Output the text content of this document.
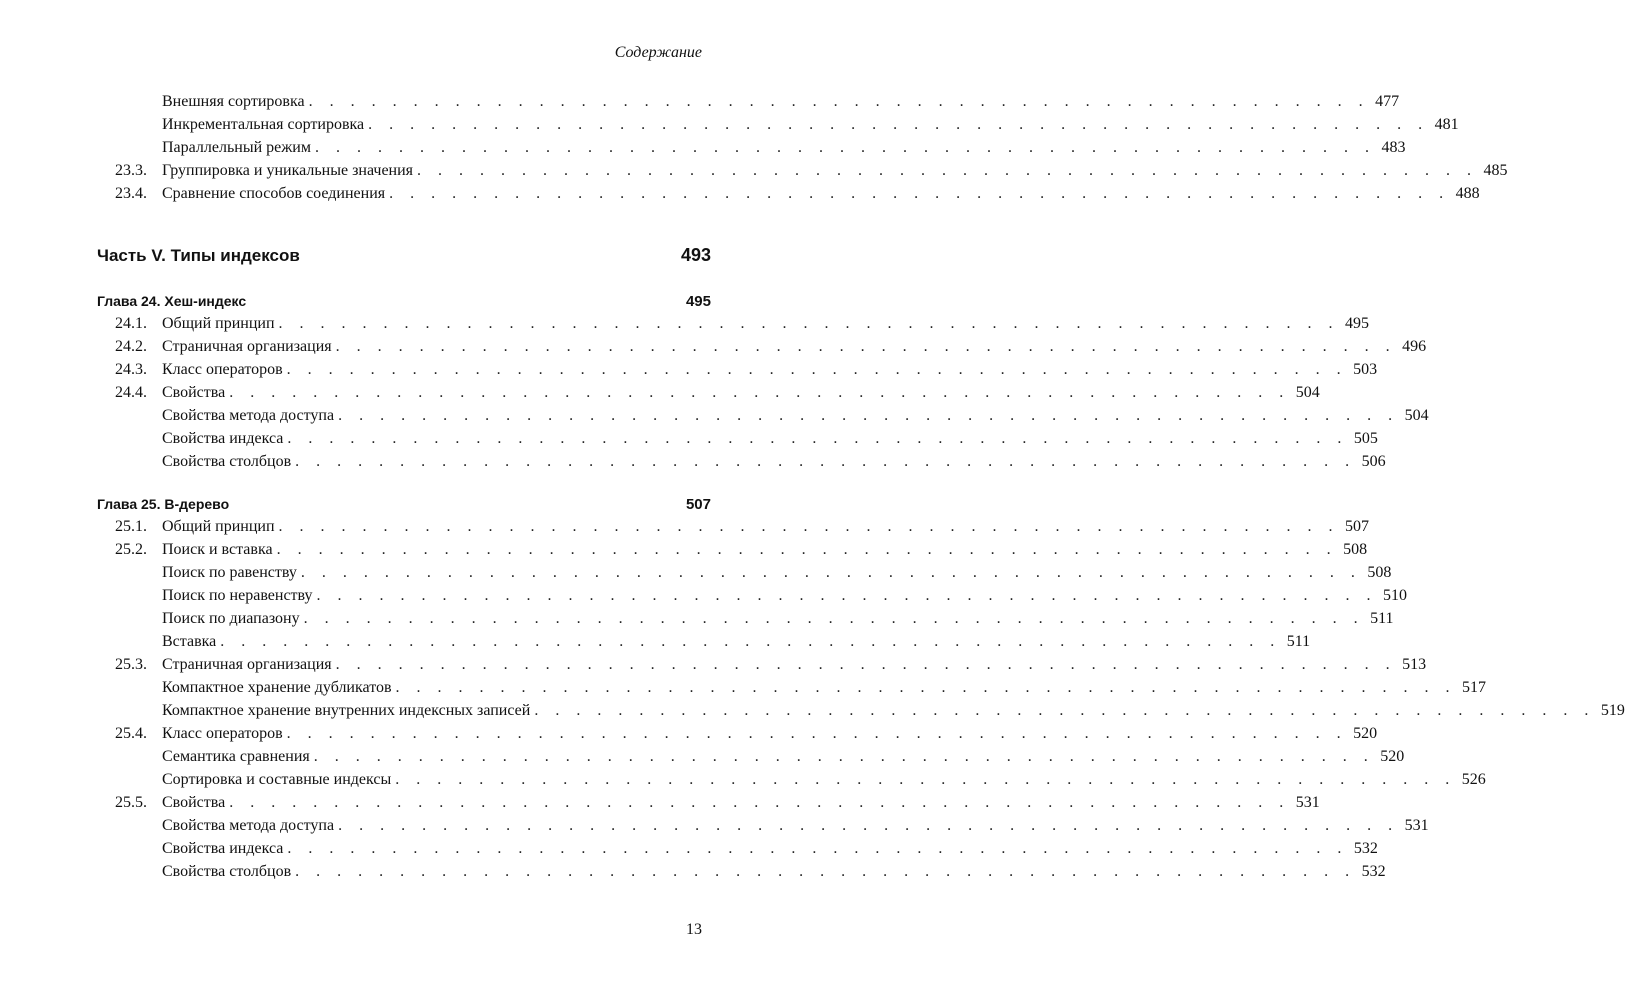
Содержание
Внешняя сортировка . . . . . . . . . . . . . . . . . . . . . . . . . . . . . . . . . . . . . . . . . . . . . . . . . . . 477
Инкрементальная сортировка . . . . . . . . . . . . . . . . . . . . . . . . . . . . . . . . . . . . . . . . . . . . . . . . . . . 481
Параллельный режим . . . . . . . . . . . . . . . . . . . . . . . . . . . . . . . . . . . . . . . . . . . . . . . . . . . 483
23.3. Группировка и уникальные значения . . . . . . . . . . . . . . . . . . . . . . . . . . . . . . . . . . . . . . . . . . . . . . . . . . . 485
23.4. Сравнение способов соединения . . . . . . . . . . . . . . . . . . . . . . . . . . . . . . . . . . . . . . . . . . . . . . . . . . . 488
Часть V. Типы индексов	493
Глава 24. Хеш-индекс	495
24.1. Общий принцип . . . . . . . . . . . . . . . . . . . . . . . . . . . . . . . . . . . . . . . . . . . . . . . . . . . 495
24.2. Страничная организация . . . . . . . . . . . . . . . . . . . . . . . . . . . . . . . . . . . . . . . . . . . . . . . . . . . 496
24.3. Класс операторов . . . . . . . . . . . . . . . . . . . . . . . . . . . . . . . . . . . . . . . . . . . . . . . . . . . 503
24.4. Свойства . . . . . . . . . . . . . . . . . . . . . . . . . . . . . . . . . . . . . . . . . . . . . . . . . . . 504
Свойства метода доступа . . . . . . . . . . . . . . . . . . . . . . . . . . . . . . . . . . . . . . . . . . . . . . . . . . . 504
Свойства индекса . . . . . . . . . . . . . . . . . . . . . . . . . . . . . . . . . . . . . . . . . . . . . . . . . . . 505
Свойства столбцов . . . . . . . . . . . . . . . . . . . . . . . . . . . . . . . . . . . . . . . . . . . . . . . . . . . 506
Глава 25. B-дерево	507
25.1. Общий принцип . . . . . . . . . . . . . . . . . . . . . . . . . . . . . . . . . . . . . . . . . . . . . . . . . . . 507
25.2. Поиск и вставка . . . . . . . . . . . . . . . . . . . . . . . . . . . . . . . . . . . . . . . . . . . . . . . . . . . 508
Поиск по равенству . . . . . . . . . . . . . . . . . . . . . . . . . . . . . . . . . . . . . . . . . . . . . . . . . . . 508
Поиск по неравенству . . . . . . . . . . . . . . . . . . . . . . . . . . . . . . . . . . . . . . . . . . . . . . . . . . . 510
Поиск по диапазону . . . . . . . . . . . . . . . . . . . . . . . . . . . . . . . . . . . . . . . . . . . . . . . . . . . 511
Вставка . . . . . . . . . . . . . . . . . . . . . . . . . . . . . . . . . . . . . . . . . . . . . . . . . . . 511
25.3. Страничная организация . . . . . . . . . . . . . . . . . . . . . . . . . . . . . . . . . . . . . . . . . . . . . . . . . . . 513
Компактное хранение дубликатов . . . . . . . . . . . . . . . . . . . . . . . . . . . . . . . . . . . . . . . . . . . . . . . . . . . 517
Компактное хранение внутренних индексных записей . . . . . . . . . . . . . . . . . . . . . . . . . . . . . . . . . . . . . . . . . . . . . . . . . . . 519
25.4. Класс операторов . . . . . . . . . . . . . . . . . . . . . . . . . . . . . . . . . . . . . . . . . . . . . . . . . . . 520
Семантика сравнения . . . . . . . . . . . . . . . . . . . . . . . . . . . . . . . . . . . . . . . . . . . . . . . . . . . 520
Сортировка и составные индексы . . . . . . . . . . . . . . . . . . . . . . . . . . . . . . . . . . . . . . . . . . . . . . . . . . . 526
25.5. Свойства . . . . . . . . . . . . . . . . . . . . . . . . . . . . . . . . . . . . . . . . . . . . . . . . . . . 531
Свойства метода доступа . . . . . . . . . . . . . . . . . . . . . . . . . . . . . . . . . . . . . . . . . . . . . . . . . . . 531
Свойства индекса . . . . . . . . . . . . . . . . . . . . . . . . . . . . . . . . . . . . . . . . . . . . . . . . . . . 532
Свойства столбцов . . . . . . . . . . . . . . . . . . . . . . . . . . . . . . . . . . . . . . . . . . . . . . . . . . . 532
13
